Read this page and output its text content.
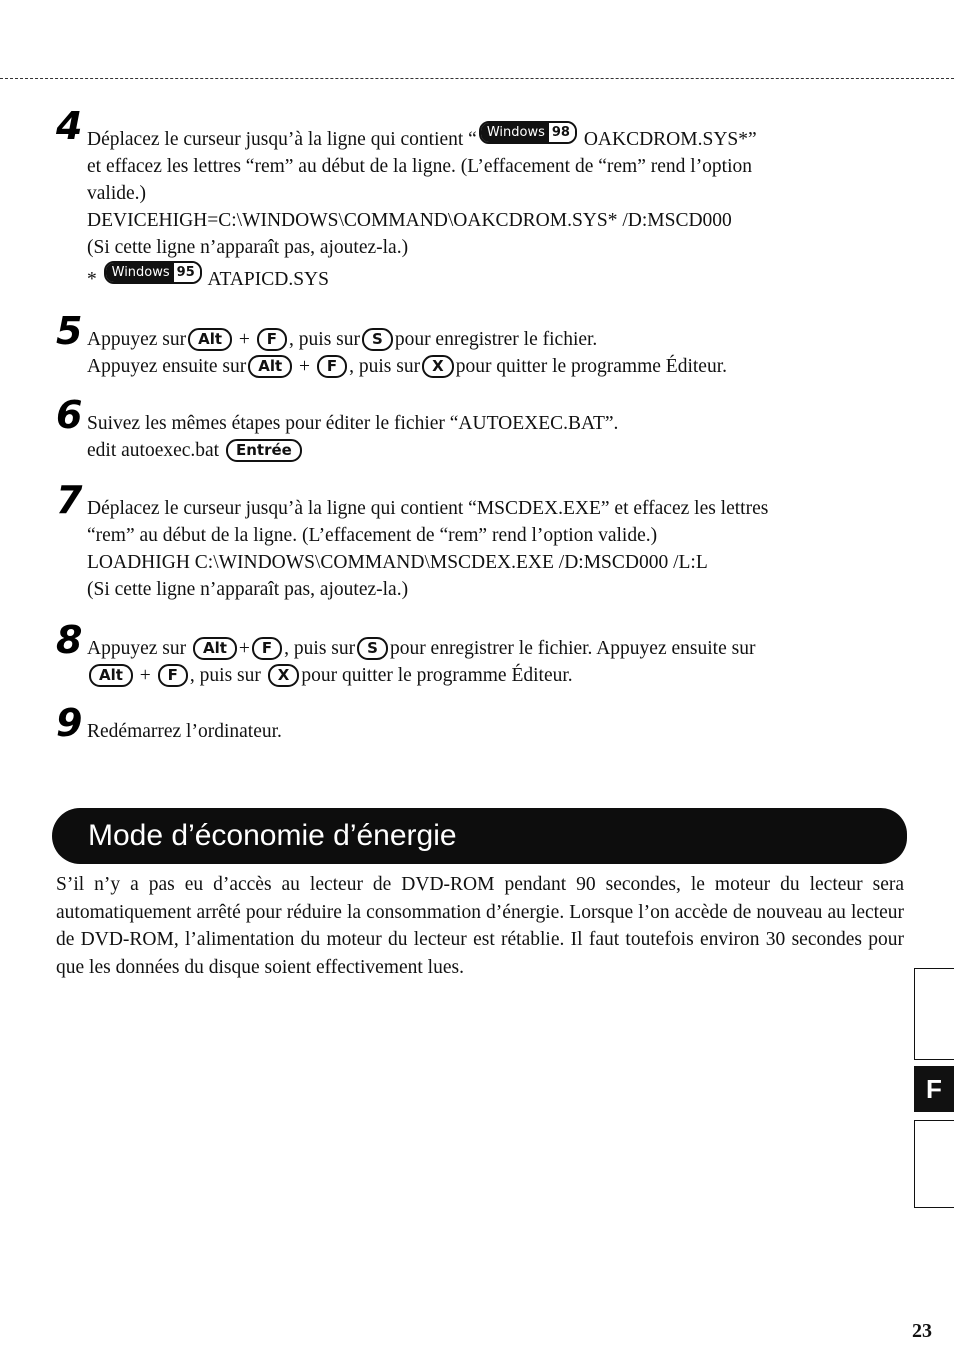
4 Déplacez le curseur jusqu’à la ligne qui contient “ Windows 98 OAKCDROM.SYS*”
et effacez les lettres “rem” au début de la ligne. (L’effacement de “rem” rend l’option
valide.)
DEVICEHIGH=C:\WINDOWS\COMMAND\OAKCDROM.SYS* /D:MSCD000
(Si cette ligne n’apparaît pas, ajoutez-la.)
* Windows 95 ATAPICD.SYS
5 Appuyez sur Alt + F , puis sur S pour enregistrer le fichier.
Appuyez ensuite sur Alt + F , puis sur X pour quitter le programme Éditeur.
6 Suivez les mêmes étapes pour éditer le fichier “AUTOEXEC.BAT”.
edit autoexec.bat Entrée
7 Déplacez le curseur jusqu’à la ligne qui contient “MSCDEX.EXE” et effacez les lettres
“rem” au début de la ligne. (L’effacement de “rem” rend l’option valide.)
LOADHIGH C:\WINDOWS\COMMAND\MSCDEX.EXE /D:MSCD000 /L:L
(Si cette ligne n’apparaît pas, ajoutez-la.)
8 Appuyez sur Alt + F , puis sur S pour enregistrer le fichier. Appuyez ensuite sur
Alt + F , puis sur X pour quitter le programme Éditeur.
9 Redémarrez l’ordinateur.
Mode d’économie d’énergie
S’il n’y a pas eu d’accès au lecteur de DVD-ROM pendant 90 secondes, le moteur du lecteur sera automatiquement arrêté pour réduire la consommation d’énergie. Lorsque l’on accède de nouveau au lecteur de DVD-ROM, l’alimentation du moteur du lecteur est rétablie. Il faut toutefois environ 30 secondes pour que les données du disque soient effectivement lues.
F
23
